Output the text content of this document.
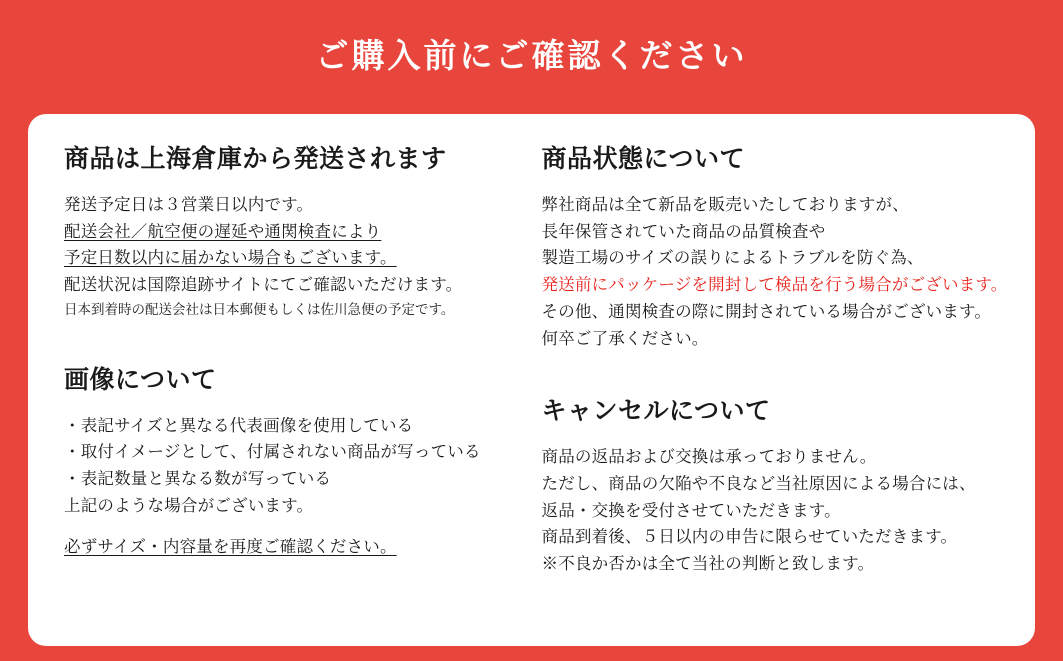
ご購入前にご確認ください
商品は上海倉庫から発送されます
発送予定日は３営業日以内です。
配送会社／航空便の遅延や通関検査により
予定日数以内に届かない場合もございます。
配送状況は国際追跡サイトにてご確認いただけます。
日本到着時の配送会社は日本郵便もしくは佐川急便の予定です。
画像について
・表記サイズと異なる代表画像を使用している
・取付イメージとして、付属されない商品が写っている
・表記数量と異なる数が写っている
上記のような場合がございます。
必ずサイズ・内容量を再度ご確認ください。
商品状態について
弊社商品は全て新品を販売いたしておりますが、
長年保管されていた商品の品質検査や
製造工場のサイズの誤りによるトラブルを防ぐ為、
発送前にパッケージを開封して検品を行う場合がございます。
その他、通関検査の際に開封されている場合がございます。
何卒ご了承ください。
キャンセルについて
商品の返品および交換は承っておりません。
ただし、商品の欠陥や不良など当社原因による場合には、
返品・交換を受付させていただきます。
商品到着後、５日以内の申告に限らせていただきます。
※不良か否かは全て当社の判断と致します。
